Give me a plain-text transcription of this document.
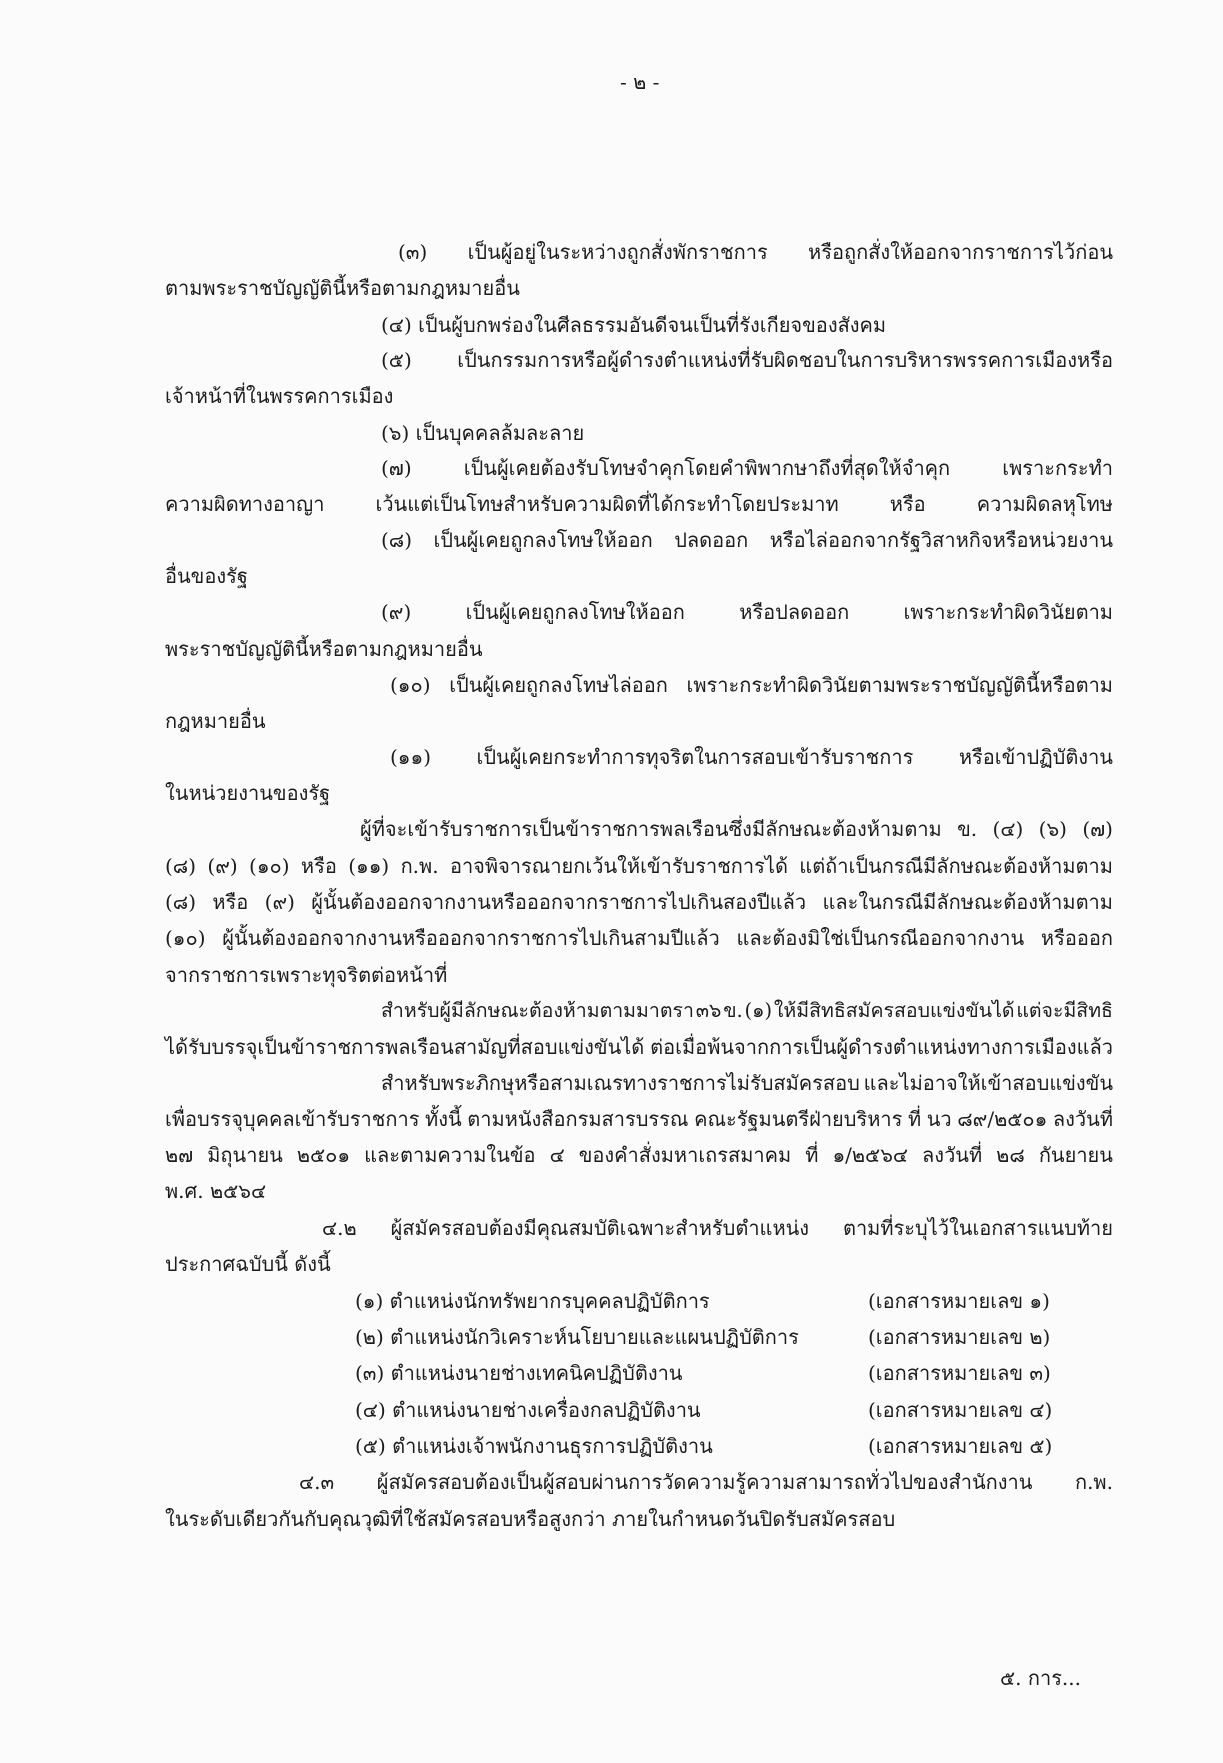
- ๒ -
(๓) เป็นผู้อยู่ในระหว่างถูกสั่งพักราชการ หรือถูกสั่งให้ออกจากราชการไว้ก่อน
ตามพระราชบัญญัตินี้หรือตามกฎหมายอื่น
(๔) เป็นผู้บกพร่องในศีลธรรมอันดีจนเป็นที่รังเกียจของสังคม
(๕) เป็นกรรมการหรือผู้ดำรงตำแหน่งที่รับผิดชอบในการบริหารพรรคการเมืองหรือ
เจ้าหน้าที่ในพรรคการเมือง
(๖) เป็นบุคคลล้มละลาย
(๗)	เป็นผู้เคยต้องรับโทษจำคุกโดยคำพิพากษาถึงที่สุดให้จำคุก	เพราะกระทำ
ความผิดทางอาญา	เว้นแต่เป็นโทษสำหรับความผิดที่ได้กระทำโดยประมาท	หรือ	ความผิดลหุโทษ
(๘) เป็นผู้เคยถูกลงโทษให้ออก ปลดออก หรือไล่ออกจากรัฐวิสาหกิจหรือหน่วยงาน
อื่นของรัฐ
(๙)	เป็นผู้เคยถูกลงโทษให้ออก	หรือปลดออก	เพราะกระทำผิดวินัยตาม
พระราชบัญญัตินี้หรือตามกฎหมายอื่น
(๑๐) เป็นผู้เคยถูกลงโทษไล่ออก เพราะกระทำผิดวินัยตามพระราชบัญญัตินี้หรือตาม
กฎหมายอื่น
(๑๑) เป็นผู้เคยกระทำการทุจริตในการสอบเข้ารับราชการ หรือเข้าปฏิบัติงาน
ในหน่วยงานของรัฐ
ผู้ที่จะเข้ารับราชการเป็นข้าราชการพลเรือนซึ่งมีลักษณะต้องห้ามตาม ข. (๔) (๖) (๗)
(๘) (๙) (๑๐) หรือ (๑๑) ก.พ. อาจพิจารณายกเว้นให้เข้ารับราชการได้ แต่ถ้าเป็นกรณีมีลักษณะต้องห้ามตาม
(๘) หรือ (๙) ผู้นั้นต้องออกจากงานหรือออกจากราชการไปเกินสองปีแล้ว และในกรณีมีลักษณะต้องห้ามตาม
(๑๐) ผู้นั้นต้องออกจากงานหรือออกจากราชการไปเกินสามปีแล้ว และต้องมิใช่เป็นกรณีออกจากงาน หรือออก
จากราชการเพราะทุจริตต่อหน้าที่
สำหรับผู้มีลักษณะต้องห้ามตามมาตรา ๓๖ ข. (๑) ให้มีสิทธิสมัครสอบแข่งขันได้ แต่จะมีสิทธิ
ได้รับบรรจุเป็นข้าราชการพลเรือนสามัญที่สอบแข่งขันได้ ต่อเมื่อพ้นจากการเป็นผู้ดำรงตำแหน่งทางการเมืองแล้ว
สำหรับพระภิกษุหรือสามเณรทางราชการไม่รับสมัครสอบ และไม่อาจให้เข้าสอบแข่งขัน
เพื่อบรรจุบุคคลเข้ารับราชการ ทั้งนี้ ตามหนังสือกรมสารบรรณ คณะรัฐมนตรีฝ่ายบริหาร ที่ นว ๘๙/๒๕๐๑ ลงวันที่
๒๗ มิถุนายน ๒๕๐๑ และตามความในข้อ ๔ ของคำสั่งมหาเถรสมาคม ที่ ๑/๒๕๖๔ ลงวันที่ ๒๘ กันยายน
พ.ศ. ๒๕๖๔
๔.๒ ผู้สมัครสอบต้องมีคุณสมบัติเฉพาะสำหรับตำแหน่ง ตามที่ระบุไว้ในเอกสารแนบท้าย
ประกาศฉบับนี้ ดังนี้
๔.๓ ผู้สมัครสอบต้องเป็นผู้สอบผ่านการวัดความรู้ความสามารถทั่วไปของสำนักงาน ก.พ.
ในระดับเดียวกันกับคุณวุฒิที่ใช้สมัครสอบหรือสูงกว่า ภายในกำหนดวันปิดรับสมัครสอบ
(๑) ตำแหน่งนักทรัพยากรบุคคลปฏิบัติการ	(เอกสารหมายเลข ๑)
(๒) ตำแหน่งนักวิเคราะห์นโยบายและแผนปฏิบัติการ	(เอกสารหมายเลข ๒)
(๓) ตำแหน่งนายช่างเทคนิคปฏิบัติงาน	(เอกสารหมายเลข ๓)
(๔) ตำแหน่งนายช่างเครื่องกลปฏิบัติงาน	(เอกสารหมายเลข ๔)
(๕) ตำแหน่งเจ้าพนักงานธุรการปฏิบัติงาน	(เอกสารหมายเลข ๕)
๕. การ...
